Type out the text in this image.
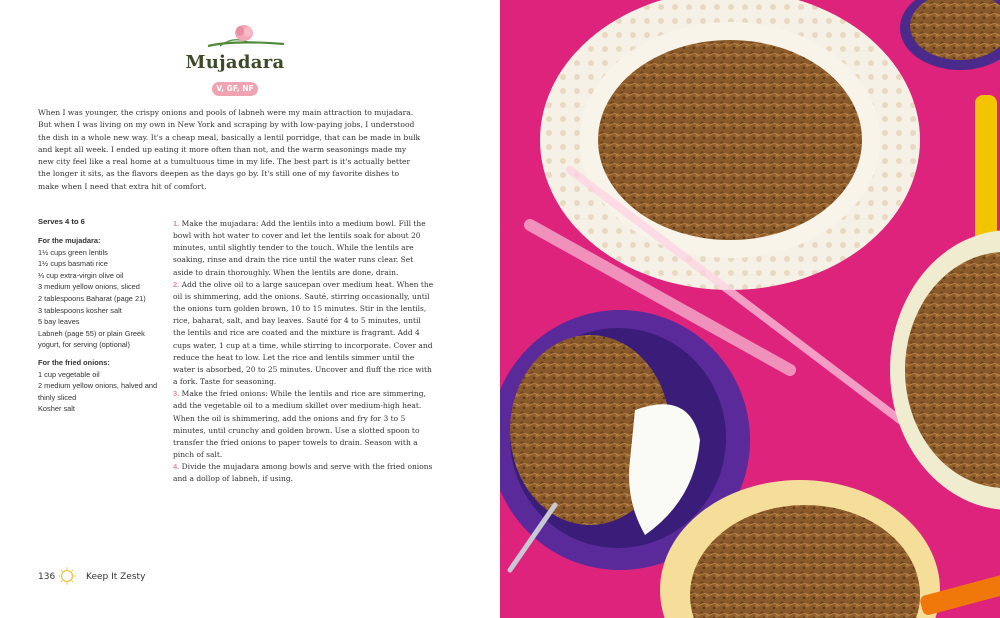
Mujadara
V, GF, NF
When I was younger, the crispy onions and pools of labneh were my main attraction to mujadara. But when I was living on my own in New York and scraping by with low-paying jobs, I understood the dish in a whole new way. It's a cheap meal, basically a lentil porridge, that can be made in bulk and kept all week. I ended up eating it more often than not, and the warm seasonings made my new city feel like a real home at a tumultuous time in my life. The best part is it's actually better the longer it sits, as the flavors deepen as the days go by. It's still one of my favorite dishes to make when I need that extra hit of comfort.
Serves 4 to 6
For the mujadara:
1½ cups green lentils
1½ cups basmati rice
⅓ cup extra-virgin olive oil
3 medium yellow onions, sliced
2 tablespoons Baharat (page 21)
3 tablespoons kosher salt
5 bay leaves
Labneh (page 55) or plain Greek yogurt, for serving (optional)
For the fried onions:
1 cup vegetable oil
2 medium yellow onions, halved and thinly sliced
Kosher salt
1. Make the mujadara: Add the lentils into a medium bowl. Fill the bowl with hot water to cover and let the lentils soak for about 20 minutes, until slightly tender to the touch. While the lentils are soaking, rinse and drain the rice until the water runs clear. Set aside to drain thoroughly. When the lentils are done, drain.
2. Add the olive oil to a large saucepan over medium heat. When the oil is shimmering, add the onions. Sauté, stirring occasionally, until the onions turn golden brown, 10 to 15 minutes. Stir in the lentils, rice, baharat, salt, and bay leaves. Sauté for 4 to 5 minutes, until the lentils and rice are coated and the mixture is fragrant. Add 4 cups water, 1 cup at a time, while stirring to incorporate. Cover and reduce the heat to low. Let the rice and lentils simmer until the water is absorbed, 20 to 25 minutes. Uncover and fluff the rice with a fork. Taste for seasoning.
3. Make the fried onions: While the lentils and rice are simmering, add the vegetable oil to a medium skillet over medium-high heat. When the oil is shimmering, add the onions and fry for 3 to 5 minutes, until crunchy and golden brown. Use a slotted spoon to transfer the fried onions to paper towels to drain. Season with a pinch of salt.
4. Divide the mujadara among bowls and serve with the fried onions and a dollop of labneh, if using.
136	Keep It Zesty
